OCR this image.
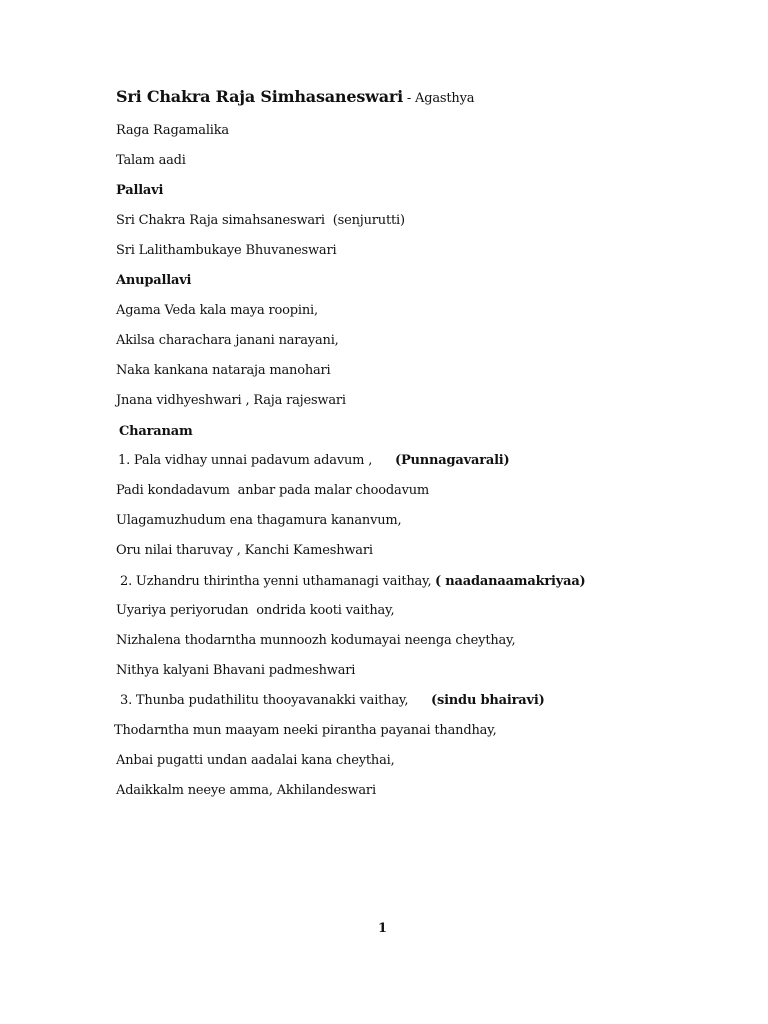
Sri Chakra Raja Simhasaneswari - Agasthya
Raga Ragamalika
Talam aadi
Pallavi
Sri Chakra Raja simahsaneswari  (senjurutti)
Sri Lalithambukaye Bhuvaneswari
Anupallavi
Agama Veda kala maya roopini,
Akilsa charachara janani narayani,
Naka kankana nataraja manohari
Jnana vidhyeshwari , Raja rajeswari
Charanam
1. Pala vidhay unnai padavum adavum , (Punnagavarali)
Padi kondadavum  anbar pada malar choodavum
Ulagamuzhudum ena thagamura kananvum,
Oru nilai tharuvay , Kanchi Kameshwari
2. Uzhandru thirintha yenni uthamanagi vaithay, ( naadanaamakriyaa)
Uyariya periyorudan  ondrida kooti vaithay,
Nizhalena thodarntha munnoozh kodumayai neenga cheythay,
Nithya kalyani Bhavani padmeshwari
3. Thunba pudathilitu thooyavanakki vaithay, (sindu bhairavi)
Thodarntha mun maayam neeki pirantha payanai thandhay,
Anbai pugatti undan aadalai kana cheythai,
Adaikkalm neeye amma, Akhilandeswari
1
